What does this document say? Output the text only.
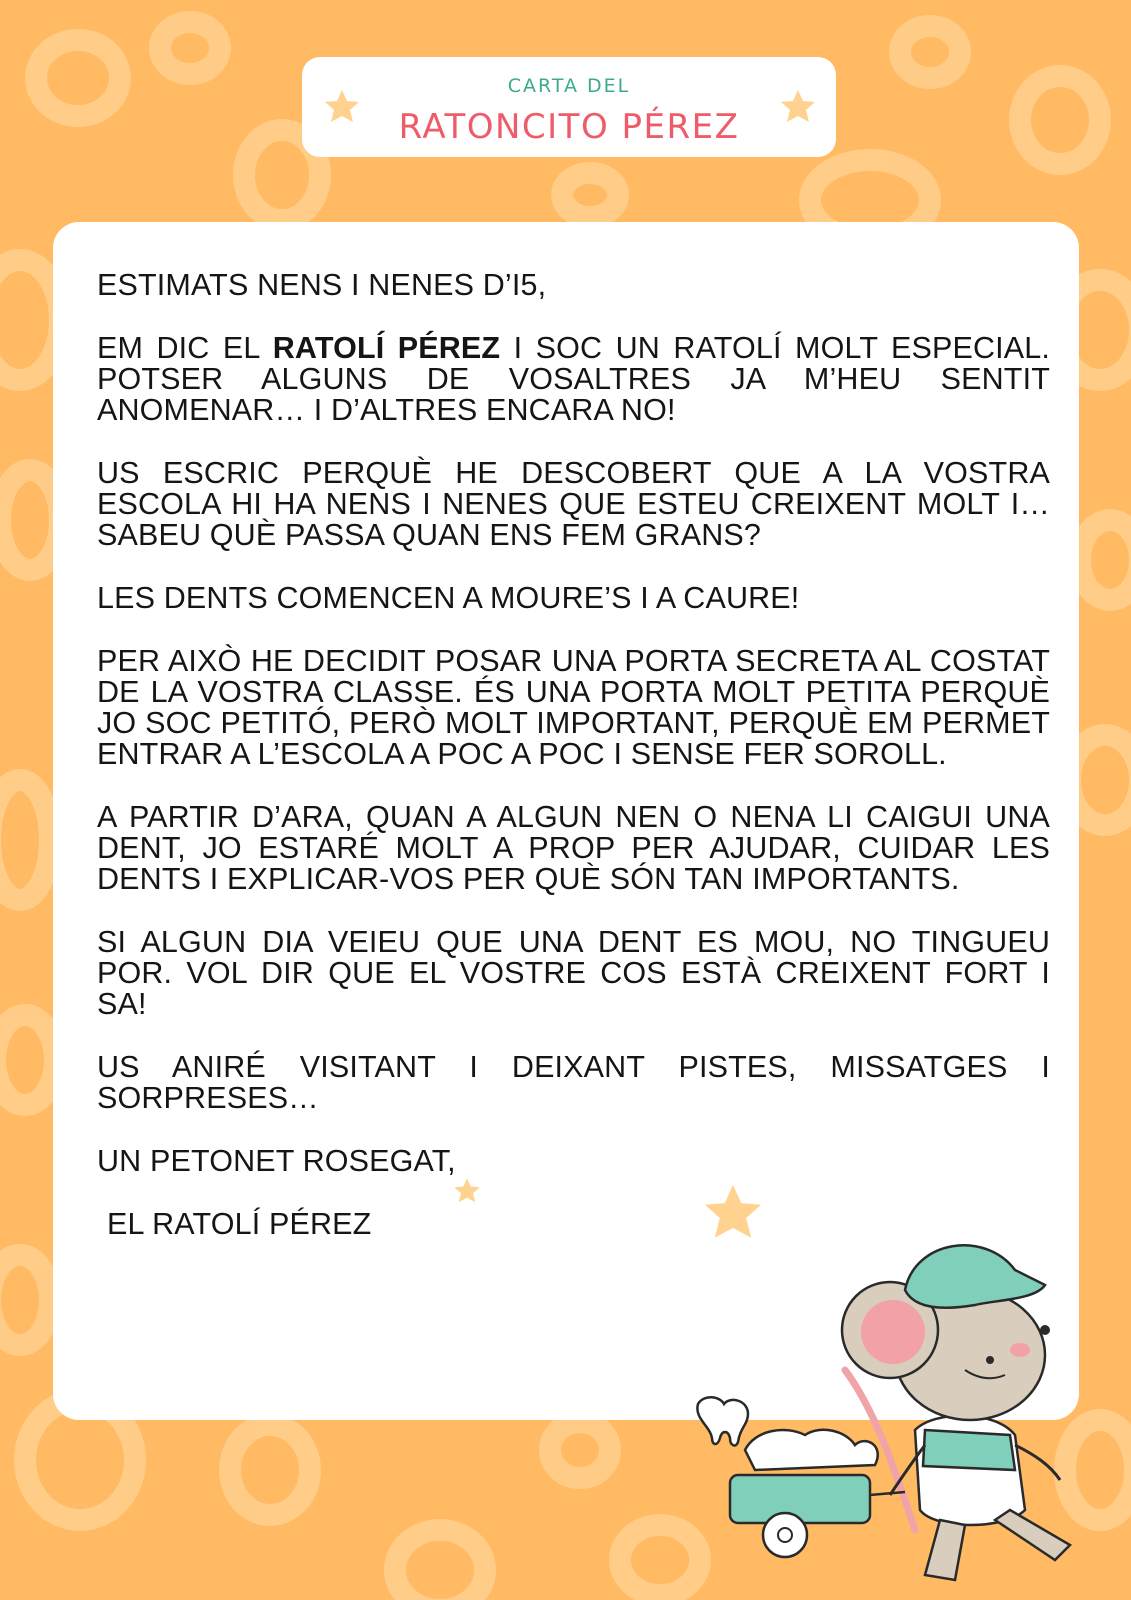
CARTA DEL
RATONCITO PÉREZ

ESTIMATS NENS I NENES D’I5,

EM DIC EL RATOLÍ PÉREZ I SOC UN RATOLÍ MOLT ESPECIAL. POTSER ALGUNS DE VOSALTRES JA M’HEU SENTIT ANOMENAR… I D’ALTRES ENCARA NO!

US ESCRIC PERQUÈ HE DESCOBERT QUE A LA VOSTRA ESCOLA HI HA NENS I NENES QUE ESTEU CREIXENT MOLT I… SABEU QUÈ PASSA QUAN ENS FEM GRANS?

LES DENTS COMENCEN A MOURE’S I A CAURE!

PER AIXÒ HE DECIDIT POSAR UNA PORTA SECRETA AL COSTAT DE LA VOSTRA CLASSE. ÉS UNA PORTA MOLT PETITA PERQUÈ JO SOC PETITÓ, PERÒ MOLT IMPORTANT, PERQUÈ EM PERMET ENTRAR A L’ESCOLA A POC A POC I SENSE FER SOROLL.

A PARTIR D’ARA, QUAN A ALGUN NEN O NENA LI CAIGUI UNA DENT, JO ESTARÉ MOLT A PROP PER AJUDAR, CUIDAR LES DENTS I EXPLICAR-VOS PER QUÈ SÓN TAN IMPORTANTS.

SI ALGUN DIA VEIEU QUE UNA DENT ES MOU, NO TINGUEU POR. VOL DIR QUE EL VOSTRE COS ESTÀ CREIXENT FORT I SA!

US ANIRÉ VISITANT I DEIXANT PISTES, MISSATGES I SORPRESES…

UN PETONET ROSEGAT,

EL RATOLÍ PÉREZ
